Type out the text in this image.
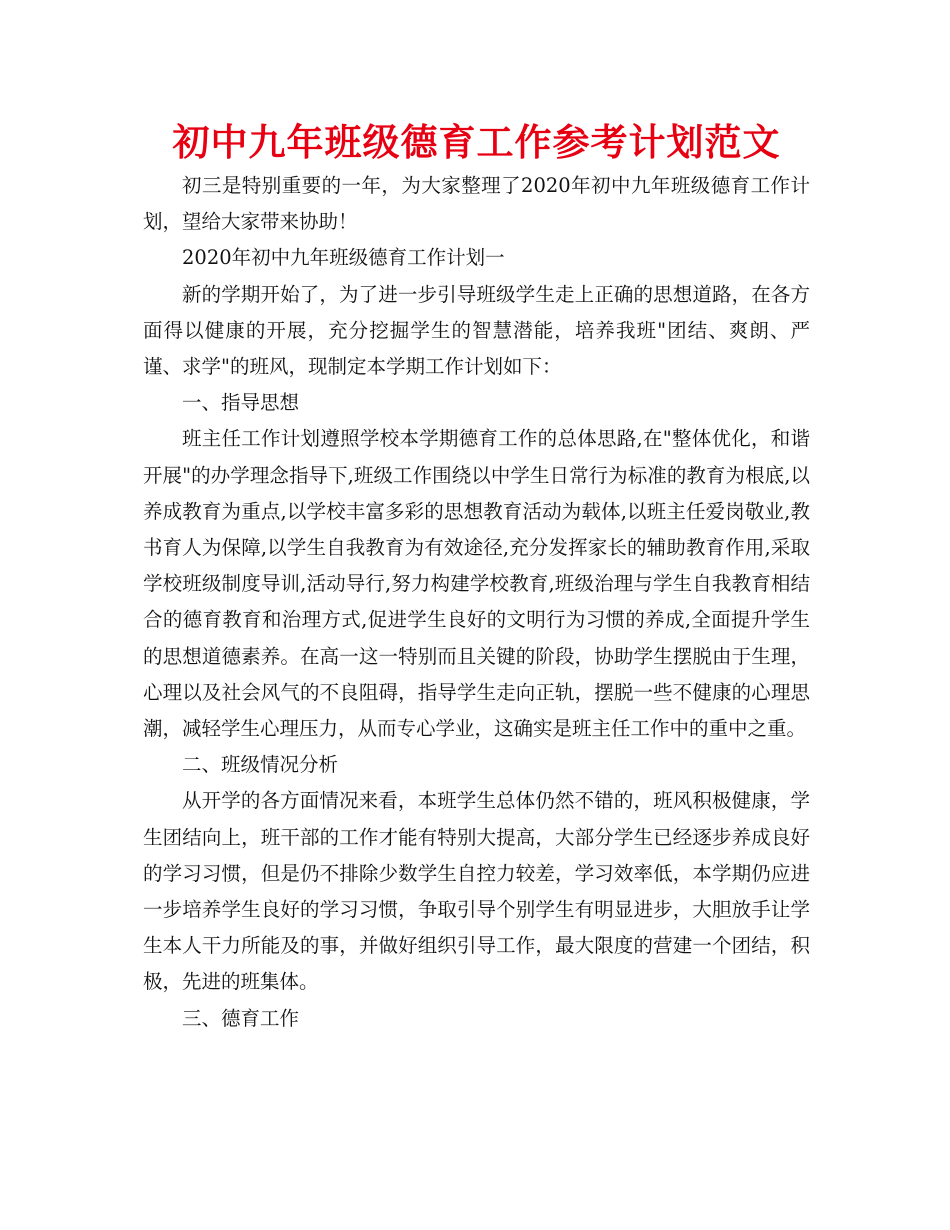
初中九年班级德育工作参考计划范文

初三是特别重要的一年，为大家整理了2020年初中九年班级德育工作计划，望给大家带来协助！

2020年初中九年班级德育工作计划一

新的学期开始了，为了进一步引导班级学生走上正确的思想道路，在各方面得以健康的开展，充分挖掘学生的智慧潜能，培养我班"团结、爽朗、严谨、求学"的班风，现制定本学期工作计划如下：

一、指导思想

班主任工作计划遵照学校本学期德育工作的总体思路,在"整体优化，和谐开展"的办学理念指导下,班级工作围绕以中学生日常行为标准的教育为根底,以养成教育为重点,以学校丰富多彩的思想教育活动为载体,以班主任爱岗敬业,教书育人为保障,以学生自我教育为有效途径,充分发挥家长的辅助教育作用,采取学校班级制度导训,活动导行,努力构建学校教育,班级治理与学生自我教育相结合的德育教育和治理方式,促进学生良好的文明行为习惯的养成,全面提升学生的思想道德素养。在高一这一特别而且关键的阶段，协助学生摆脱由于生理，心理以及社会风气的不良阻碍，指导学生走向正轨，摆脱一些不健康的心理思潮，减轻学生心理压力，从而专心学业，这确实是班主任工作中的重中之重。

二、班级情况分析

从开学的各方面情况来看，本班学生总体仍然不错的，班风积极健康，学生团结向上，班干部的工作才能有特别大提高，大部分学生已经逐步养成良好的学习习惯，但是仍不排除少数学生自控力较差，学习效率低，本学期仍应进一步培养学生良好的学习习惯，争取引导个别学生有明显进步，大胆放手让学生本人干力所能及的事，并做好组织引导工作，最大限度的营建一个团结，积极，先进的班集体。

三、德育工作
